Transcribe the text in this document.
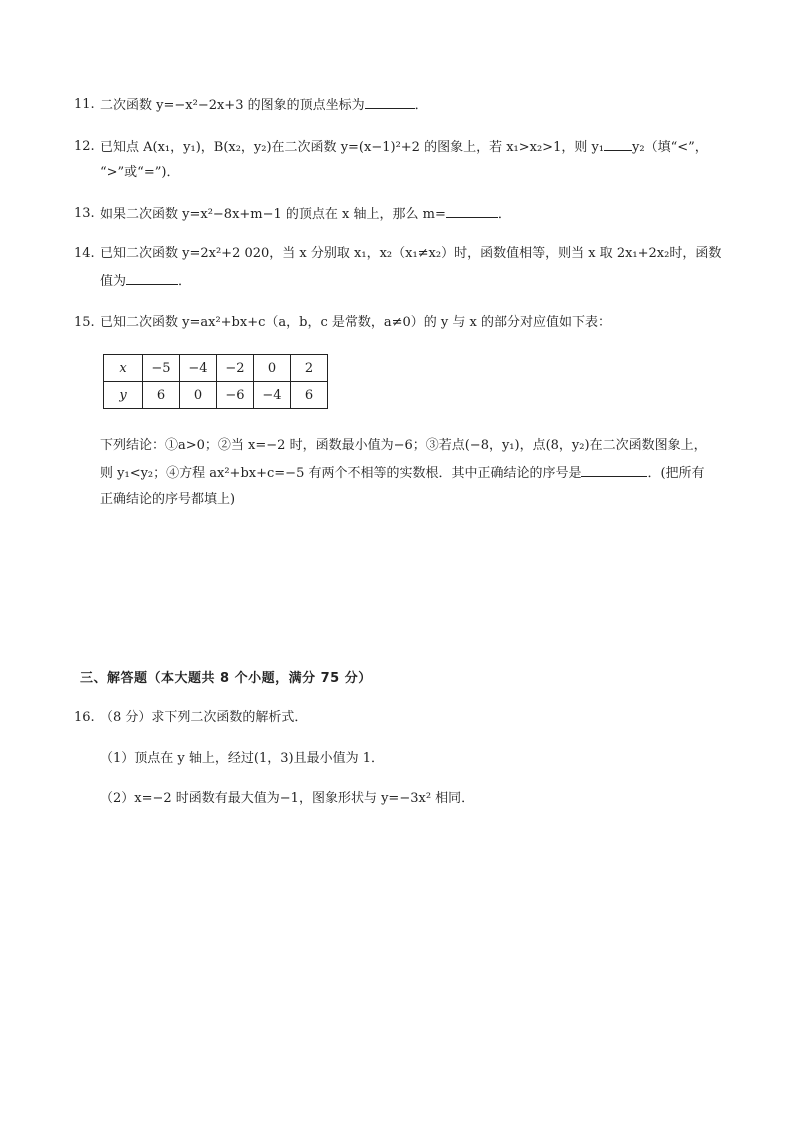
11. 二次函数 y=−x²−2x+3 的图象的顶点坐标为	．
12. 已知点 A(x₁，y₁)，B(x₂，y₂)在二次函数 y=(x−1)²+2 的图象上，若 x₁>x₂>1，则 y₁ y₂（填“<”，
“>”或“=”)．
13. 如果二次函数 y=x²−8x+m−1 的顶点在 x 轴上，那么 m=	．
14. 已知二次函数 y=2x²+2 020，当 x 分别取 x₁，x₂（x₁≠x₂）时，函数值相等，则当 x 取 2x₁+2x₂时，函数
值为	．
15. 已知二次函数 y=ax²+bx+c（a，b，c 是常数，a≠0）的 y 与 x 的部分对应值如下表：
x	−5	−4	−2	0	2
y	6	0	−6	−4	6
下列结论：①a>0；②当 x=−2 时，函数最小值为−6；③若点(−8，y₁)，点(8，y₂)在二次函数图象上，
则 y₁<y₂；④方程 ax²+bx+c=−5 有两个不相等的实数根．其中正确结论的序号是	．(把所有
正确结论的序号都填上)
三、解答题（本大题共 8 个小题，满分 75 分）
16. （8 分）求下列二次函数的解析式．
（1）顶点在 y 轴上，经过(1，3)且最小值为 1．
（2）x=−2 时函数有最大值为−1，图象形状与 y=−3x² 相同．
